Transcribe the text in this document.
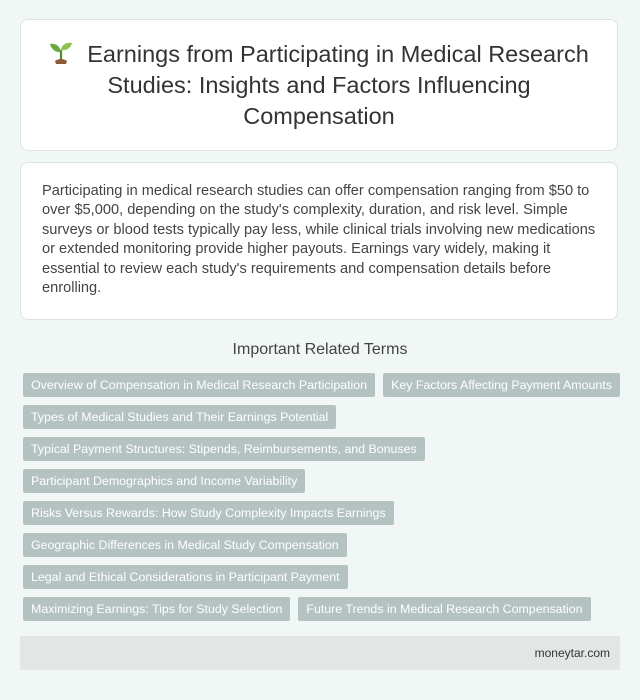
Earnings from Participating in Medical Research Studies: Insights and Factors Influencing Compensation

Participating in medical research studies can offer compensation ranging from $50 to over $5,000, depending on the study's complexity, duration, and risk level. Simple surveys or blood tests typically pay less, while clinical trials involving new medications or extended monitoring provide higher payouts. Earnings vary widely, making it essential to review each study's requirements and compensation details before enrolling.

Important Related Terms
Overview of Compensation in Medical Research Participation	Key Factors Affecting Payment Amounts
Types of Medical Studies and Their Earnings Potential
Typical Payment Structures: Stipends, Reimbursements, and Bonuses
Participant Demographics and Income Variability
Risks Versus Rewards: How Study Complexity Impacts Earnings
Geographic Differences in Medical Study Compensation
Legal and Ethical Considerations in Participant Payment
Maximizing Earnings: Tips for Study Selection	Future Trends in Medical Research Compensation
moneytar.com
